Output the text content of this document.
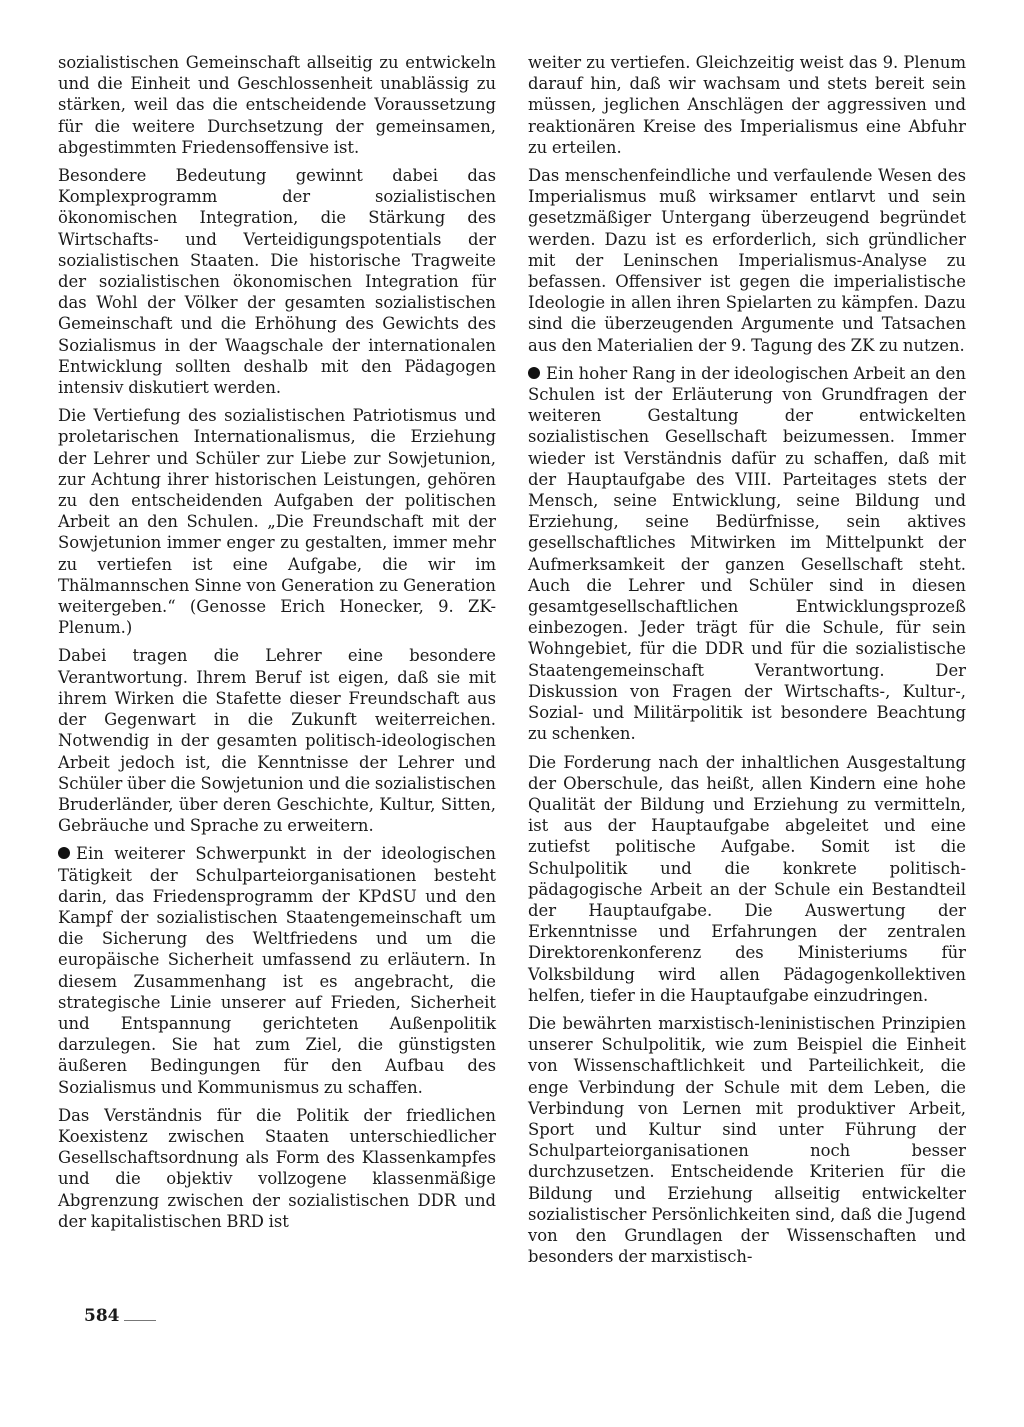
sozialistischen Gemeinschaft allseitig zu entwickeln und die Einheit und Geschlossenheit unablässig zu stärken, weil das die entscheidende Voraussetzung für die weitere Durchsetzung der gemeinsamen, abgestimmten Friedensoffensive ist.

Besondere Bedeutung gewinnt dabei das Komplexprogramm der sozialistischen ökonomischen Integration, die Stärkung des Wirtschafts- und Verteidigungspotentials der sozialistischen Staaten. Die historische Tragweite der sozialistischen ökonomischen Integration für das Wohl der Völker der gesamten sozialistischen Gemeinschaft und die Erhöhung des Gewichts des Sozialismus in der Waagschale der internationalen Entwicklung sollten deshalb mit den Pädagogen intensiv diskutiert werden.

Die Vertiefung des sozialistischen Patriotismus und proletarischen Internationalismus, die Erziehung der Lehrer und Schüler zur Liebe zur Sowjetunion, zur Achtung ihrer historischen Leistungen, gehören zu den entscheidenden Aufgaben der politischen Arbeit an den Schulen. „Die Freundschaft mit der Sowjetunion immer enger zu gestalten, immer mehr zu vertiefen ist eine Aufgabe, die wir im Thälmannschen Sinne von Generation zu Generation weitergeben.“ (Genosse Erich Honecker, 9. ZK-Plenum.)

Dabei tragen die Lehrer eine besondere Verantwortung. Ihrem Beruf ist eigen, daß sie mit ihrem Wirken die Stafette dieser Freundschaft aus der Gegenwart in die Zukunft weiterreichen. Notwendig in der gesamten politisch-ideologischen Arbeit jedoch ist, die Kenntnisse der Lehrer und Schüler über die Sowjetunion und die sozialistischen Bruderländer, über deren Geschichte, Kultur, Sitten, Gebräuche und Sprache zu erweitern.

Ein weiterer Schwerpunkt in der ideologischen Tätigkeit der Schulparteiorganisationen besteht darin, das Friedensprogramm der KPdSU und den Kampf der sozialistischen Staatengemeinschaft um die Sicherung des Weltfriedens und um die europäische Sicherheit umfassend zu erläutern. In diesem Zusammenhang ist es angebracht, die strategische Linie unserer auf Frieden, Sicherheit und Entspannung gerichteten Außenpolitik darzulegen. Sie hat zum Ziel, die günstigsten äußeren Bedingungen für den Aufbau des Sozialismus und Kommunismus zu schaffen.

Das Verständnis für die Politik der friedlichen Koexistenz zwischen Staaten unterschiedlicher Gesellschaftsordnung als Form des Klassenkampfes und die objektiv vollzogene klassenmäßige Abgrenzung zwischen der sozialistischen DDR und der kapitalistischen BRD ist

weiter zu vertiefen. Gleichzeitig weist das 9. Plenum darauf hin, daß wir wachsam und stets bereit sein müssen, jeglichen Anschlägen der aggressiven und reaktionären Kreise des Imperialismus eine Abfuhr zu erteilen.

Das menschenfeindliche und verfaulende Wesen des Imperialismus muß wirksamer entlarvt und sein gesetzmäßiger Untergang überzeugend begründet werden. Dazu ist es erforderlich, sich gründlicher mit der Leninschen Imperialismus-Analyse zu befassen. Offensiver ist gegen die imperialistische Ideologie in allen ihren Spielarten zu kämpfen. Dazu sind die überzeugenden Argumente und Tatsachen aus den Materialien der 9. Tagung des ZK zu nutzen.

Ein hoher Rang in der ideologischen Arbeit an den Schulen ist der Erläuterung von Grundfragen der weiteren Gestaltung der entwickelten sozialistischen Gesellschaft beizumessen. Immer wieder ist Verständnis dafür zu schaffen, daß mit der Hauptaufgabe des VIII. Parteitages stets der Mensch, seine Entwicklung, seine Bildung und Erziehung, seine Bedürfnisse, sein aktives gesellschaftliches Mitwirken im Mittelpunkt der Aufmerksamkeit der ganzen Gesellschaft steht. Auch die Lehrer und Schüler sind in diesen gesamtgesellschaftlichen Entwicklungsprozeß einbezogen. Jeder trägt für die Schule, für sein Wohngebiet, für die DDR und für die sozialistische Staatengemeinschaft Verantwortung. Der Diskussion von Fragen der Wirtschafts-, Kultur-, Sozial- und Militärpolitik ist besondere Beachtung zu schenken.

Die Forderung nach der inhaltlichen Ausgestaltung der Oberschule, das heißt, allen Kindern eine hohe Qualität der Bildung und Erziehung zu vermitteln, ist aus der Hauptaufgabe abgeleitet und eine zutiefst politische Aufgabe. Somit ist die Schulpolitik und die konkrete politisch-pädagogische Arbeit an der Schule ein Bestandteil der Hauptaufgabe. Die Auswertung der Erkenntnisse und Erfahrungen der zentralen Direktorenkonferenz des Ministeriums für Volksbildung wird allen Pädagogenkollektiven helfen, tiefer in die Hauptaufgabe einzudringen.

Die bewährten marxistisch-leninistischen Prinzipien unserer Schulpolitik, wie zum Beispiel die Einheit von Wissenschaftlichkeit und Parteilichkeit, die enge Verbindung der Schule mit dem Leben, die Verbindung von Lernen mit produktiver Arbeit, Sport und Kultur sind unter Führung der Schulparteiorganisationen noch besser durchzusetzen. Entscheidende Kriterien für die Bildung und Erziehung allseitig entwickelter sozialistischer Persönlichkeiten sind, daß die Jugend von den Grundlagen der Wissenschaften und besonders der marxistisch-

584
